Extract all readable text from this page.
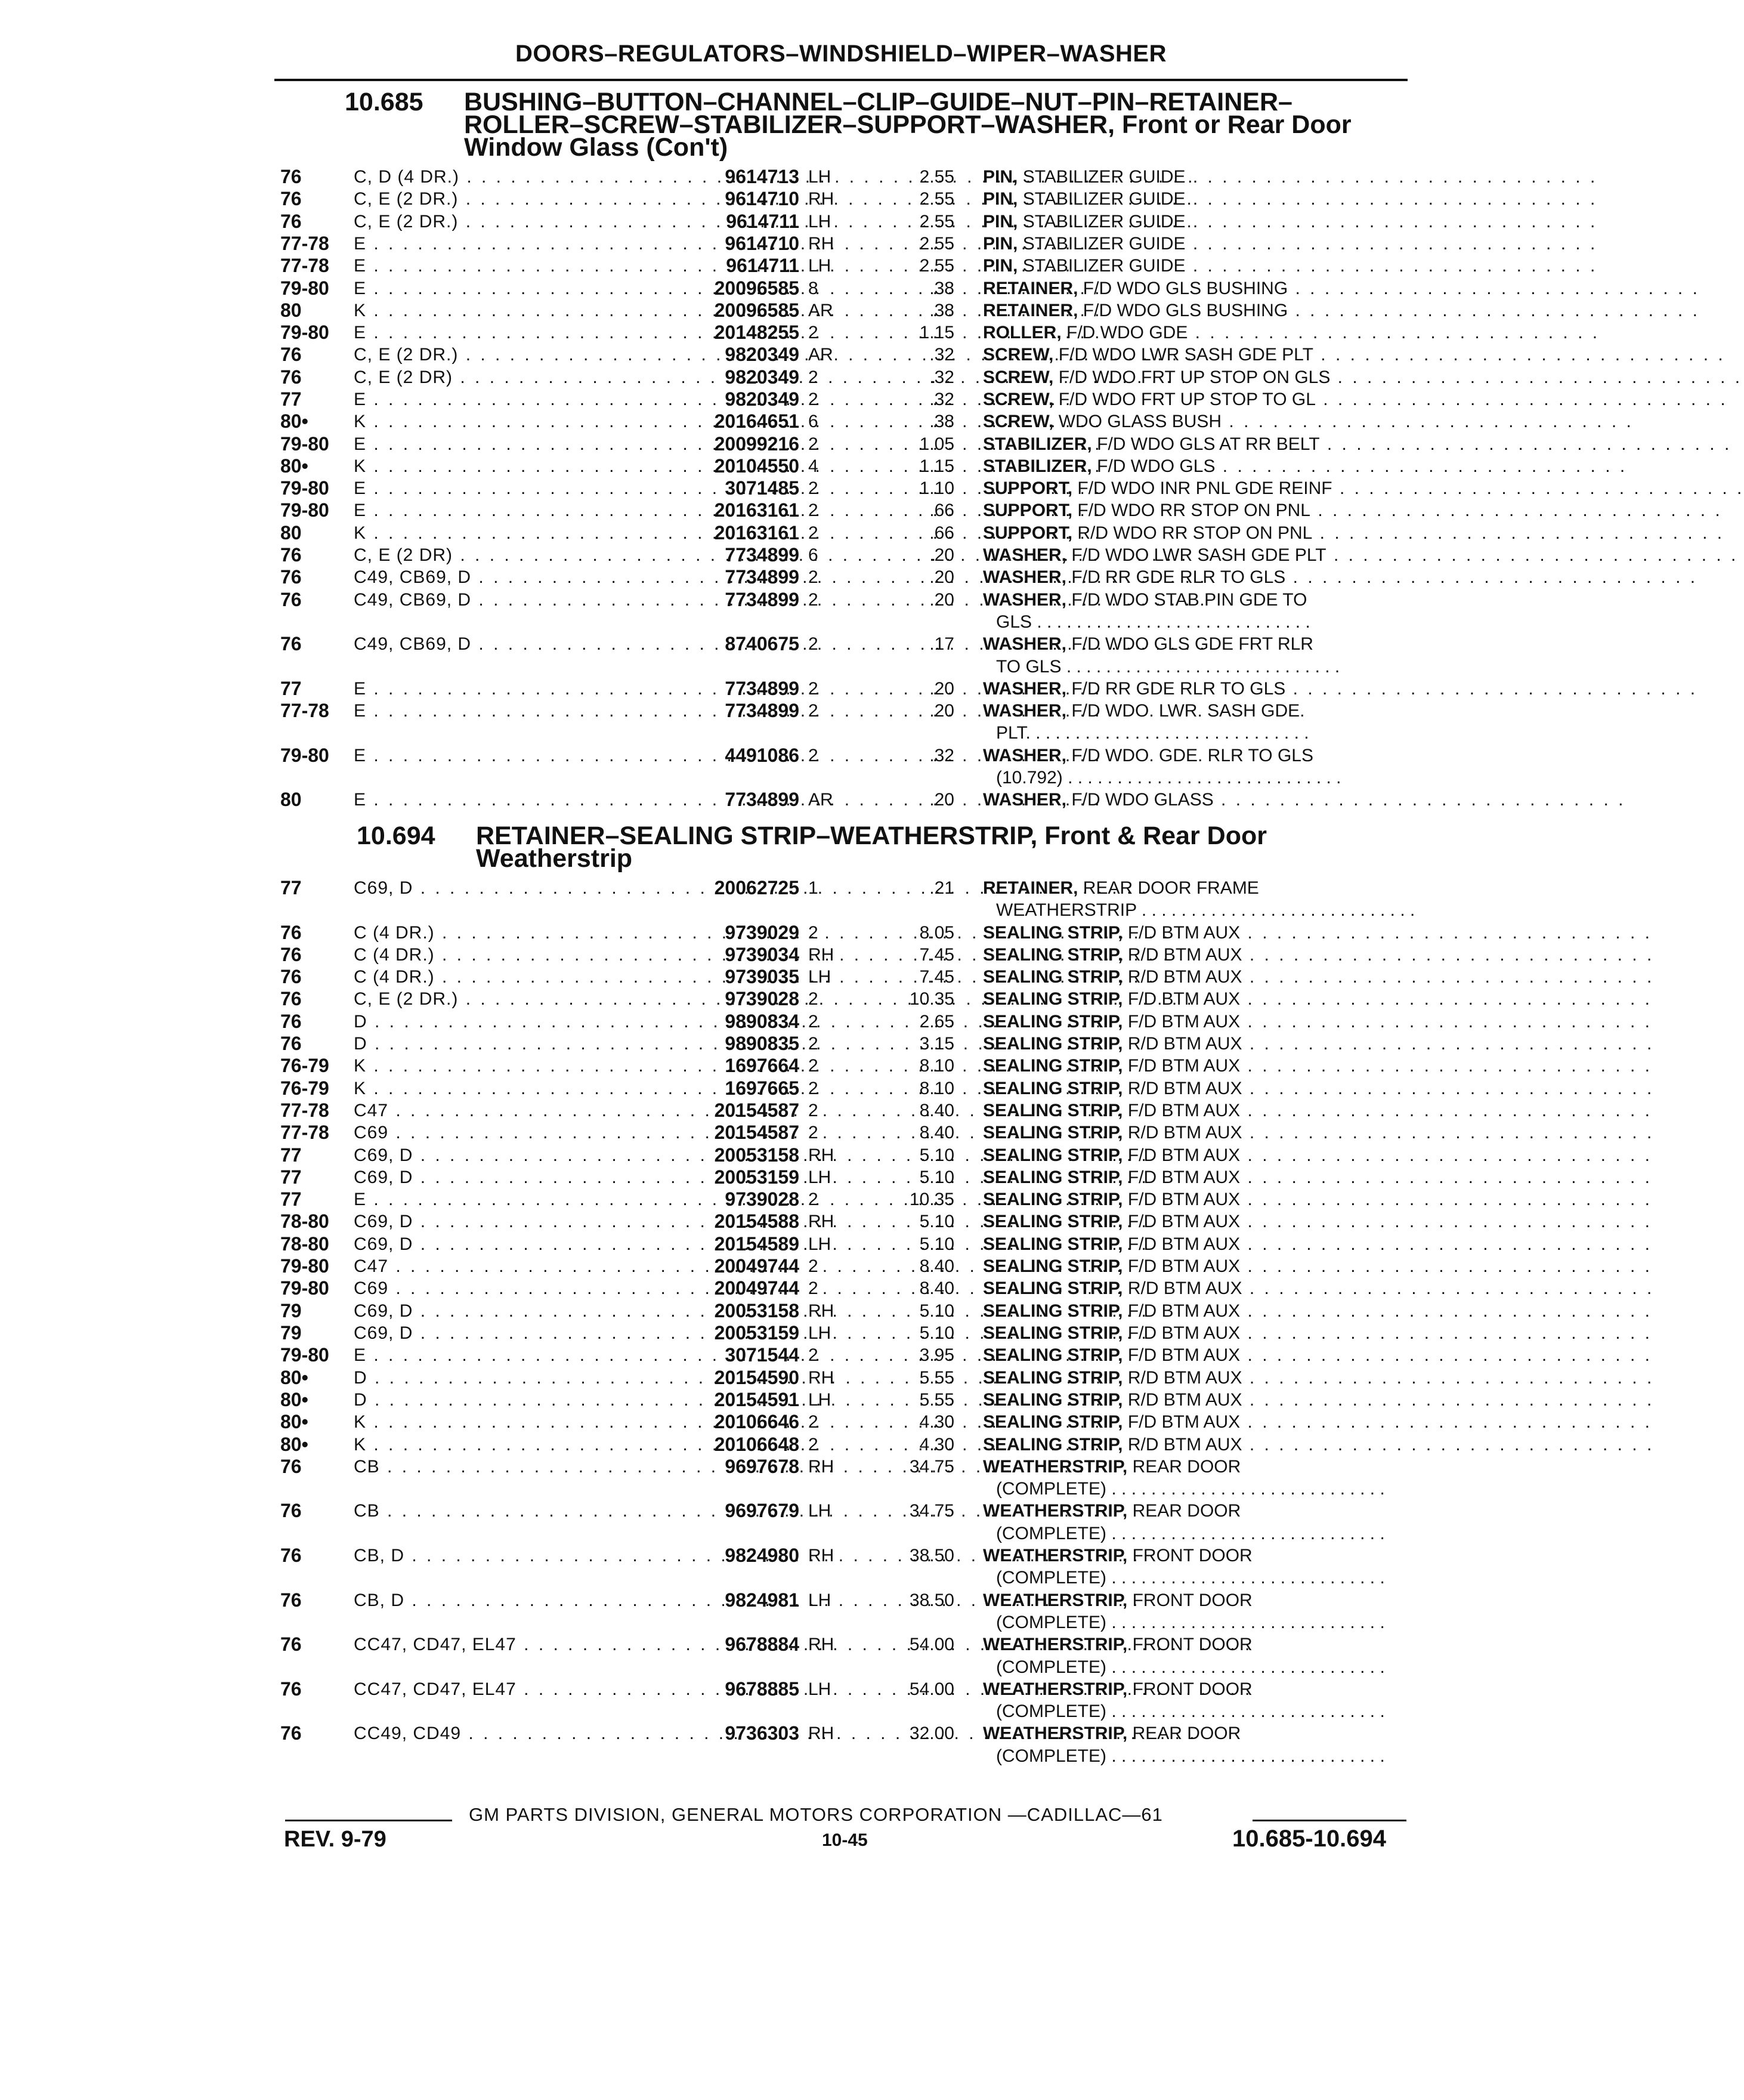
DOORS–REGULATORS–WINDSHIELD–WIPER–WASHER
10.685 BUSHING–BUTTON–CHANNEL–CLIP–GUIDE–NUT–PIN–RETAINER–
ROLLER–SCREW–STABILIZER–SUPPORT–WASHER, Front or Rear Door
Window Glass (Con't)
76	C, D (4 DR.) . . .	9614713 LH	2.55 PIN, STABILIZER GUIDE . . . . . . . . . . . . . . . . . . . . . . . . . . . .
76	C, E (2 DR.) . . .	9614710 RH	2.55 PIN, STABILIZER GUIDE . . . . . . . . . . . . . . . . . . . . . . . . . . . .
76	C, E (2 DR.) . . .	9614711 LH	2.55 PIN, STABILIZER GUIDE . . . . . . . . . . . . . . . . . . . . . . . . . . . .
77-78 E . . .	9614710 RH	2.55 PIN, STABILIZER GUIDE . . . . . . . . . . . . . . . . . . . . . . . . . . . .
77-78 E . . .	9614711 LH	2.55 PIN, STABILIZER GUIDE . . . . . . . . . . . . . . . . . . . . . . . . . . . .
79-80 E . . .	20096585 8	.38 RETAINER, F/D WDO GLS BUSHING . . . . . . . . . . . . . . . . . . . . . . . . . . . .
80	K . . .	20096585 AR	.38 RETAINER, F/D WDO GLS BUSHING . . . . . . . . . . . . . . . . . . . . . . . . . . . .
79-80 E . . .	20148255 2	1.15 ROLLER, F/D WDO GDE . . . . . . . . . . . . . . . . . . . . . . . . . . . .
76	C, E (2 DR.) . . .	9820349 AR	.32 SCREW, F/D WDO LWR SASH GDE PLT . . . . . . . . . . . . . . . . . . . . . . . . . . . .
76	C, E (2 DR) . . .	9820349 2	.32 SCREW, F/D WDO FRT UP STOP ON GLS . . . . . . . . . . . . . . . . . . . . . . . . . . . .
77	E . . .	9820349 2	.32 SCREW, F/D WDO FRT UP STOP TO GL . . . . . . . . . . . . . . . . . . . . . . . . . . . .
80•	K . . .	20164651 6	.38 SCREW, WDO GLASS BUSH . . . . . . . . . . . . . . . . . . . . . . . . . . . .
79-80 E . . .	20099216 2	1.05 STABILIZER, F/D WDO GLS AT RR BELT . . . . . . . . . . . . . . . . . . . . . . . . . . . .
80•	K . . .	20104550 4	1.15 STABILIZER, F/D WDO GLS . . . . . . . . . . . . . . . . . . . . . . . . . . . .
79-80 E . . .	3071485 2	1.10 SUPPORT, F/D WDO INR PNL GDE REINF . . . . . . . . . . . . . . . . . . . . . . . . . . . .
79-80 E . . .	20163161 2	.66 SUPPORT, F/D WDO RR STOP ON PNL . . . . . . . . . . . . . . . . . . . . . . . . . . . .
80	K . . .	20163161 2	.66 SUPPORT, R/D WDO RR STOP ON PNL . . . . . . . . . . . . . . . . . . . . . . . . . . . .
76	C, E (2 DR) . . .	7734899 6	.20 WASHER, F/D WDO LWR SASH GDE PLT . . . . . . . . . . . . . . . . . . . . . . . . . . . .
76	C49, CB69, D . . .	7734899 2	.20 WASHER, F/D RR GDE RLR TO GLS . . . . . . . . . . . . . . . . . . . . . . . . . . . .
76	C49, CB69, D . . .	7734899 2	.20 WASHER, F/D WDO STAB PIN GDE TO
GLS . . . . . . . . . . . . . . . . . . . . . . . . . . . .
76	C49, CB69, D . . .	8740675 2	.17 WASHER, F/D WDO GLS GDE FRT RLR
TO GLS . . . . . . . . . . . . . . . . . . . . . . . . . . . .
77	E . . .	7734899 2	.20 WASHER, F/D RR GDE RLR TO GLS . . . . . . . . . . . . . . . . . . . . . . . . . . . .
77-78 E . . .	7734899 2	.20 WASHER, F/D WDO. LWR. SASH GDE.
PLT. . . . . . . . . . . . . . . . . . . . . . . . . . . . .
79-80 E . . .	4491086 2	.32 WASHER, F/D WDO. GDE. RLR TO GLS
(10.792) . . . . . . . . . . . . . . . . . . . . . . . . . . . .
80	E . . .	7734899 AR	.20 WASHER, F/D WDO GLASS . . . . . . . . . . . . . . . . . . . . . . . . . . . .
10.694 RETAINER–SEALING STRIP–WEATHERSTRIP, Front & Rear Door
Weatherstrip
77	C69, D . . .	20062725 1	.21 RETAINER, REAR DOOR FRAME
WEATHERSTRIP . . . . . . . . . . . . . . . . . . . . . . . . . . . .
76	C (4 DR.) . . .	9739029 2	8.05 SEALING STRIP, F/D BTM AUX . . . . . . . . . . . . . . . . . . . . . . . . . . . .
76	C (4 DR.) . . .	9739034 RH	7.45 SEALING STRIP, R/D BTM AUX . . . . . . . . . . . . . . . . . . . . . . . . . . . .
76	C (4 DR.) . . .	9739035 LH	7.45 SEALING STRIP, R/D BTM AUX . . . . . . . . . . . . . . . . . . . . . . . . . . . .
76	C, E (2 DR.) . . .	9739028 2	10.35 SEALING STRIP, F/D BTM AUX . . . . . . . . . . . . . . . . . . . . . . . . . . . .
76	D . . .	9890834 2	2.65 SEALING STRIP, F/D BTM AUX . . . . . . . . . . . . . . . . . . . . . . . . . . . .
76	D . . .	9890835 2	3.15 SEALING STRIP, R/D BTM AUX . . . . . . . . . . . . . . . . . . . . . . . . . . . .
76-79 K . . .	1697664 2	8.10 SEALING STRIP, F/D BTM AUX . . . . . . . . . . . . . . . . . . . . . . . . . . . .
76-79 K . . .	1697665 2	8.10 SEALING STRIP, R/D BTM AUX . . . . . . . . . . . . . . . . . . . . . . . . . . . .
77-78 C47 . . .	20154587 2	8.40 SEALING STRIP, F/D BTM AUX . . . . . . . . . . . . . . . . . . . . . . . . . . . .
77-78 C69 . . .	20154587 2	8.40 SEALING STRIP, R/D BTM AUX . . . . . . . . . . . . . . . . . . . . . . . . . . . .
77	C69, D . . .	20053158 RH	5.10 SEALING STRIP, F/D BTM AUX . . . . . . . . . . . . . . . . . . . . . . . . . . . .
77	C69, D . . .	20053159 LH	5.10 SEALING STRIP, F/D BTM AUX . . . . . . . . . . . . . . . . . . . . . . . . . . . .
77	E . . .	9739028 2	10.35 SEALING STRIP, F/D BTM AUX . . . . . . . . . . . . . . . . . . . . . . . . . . . .
78-80 C69, D . . .	20154588 RH	5.10 SEALING STRIP, F/D BTM AUX . . . . . . . . . . . . . . . . . . . . . . . . . . . .
78-80 C69, D . . .	20154589 LH	5.10 SEALING STRIP, F/D BTM AUX . . . . . . . . . . . . . . . . . . . . . . . . . . . .
79-80 C47 . . .	20049744 2	8.40 SEALING STRIP, F/D BTM AUX . . . . . . . . . . . . . . . . . . . . . . . . . . . .
79-80 C69 . . .	20049744 2	8.40 SEALING STRIP, R/D BTM AUX . . . . . . . . . . . . . . . . . . . . . . . . . . . .
79	C69, D . . .	20053158 RH	5.10 SEALING STRIP, F/D BTM AUX . . . . . . . . . . . . . . . . . . . . . . . . . . . .
79	C69, D . . .	20053159 LH	5.10 SEALING STRIP, F/D BTM AUX . . . . . . . . . . . . . . . . . . . . . . . . . . . .
79-80 E . . .	3071544 2	3.95 SEALING STRIP, F/D BTM AUX . . . . . . . . . . . . . . . . . . . . . . . . . . . .
80•	D . . .	20154590 RH	5.55 SEALING STRIP, R/D BTM AUX . . . . . . . . . . . . . . . . . . . . . . . . . . . .
80•	D . . .	20154591 LH	5.55 SEALING STRIP, R/D BTM AUX . . . . . . . . . . . . . . . . . . . . . . . . . . . .
80•	K . . .	20106646 2	4.30 SEALING STRIP, F/D BTM AUX . . . . . . . . . . . . . . . . . . . . . . . . . . . .
80•	K . . .	20106648 2	4.30 SEALING STRIP, R/D BTM AUX . . . . . . . . . . . . . . . . . . . . . . . . . . . .
76	CB . . .	9697678 RH	34.75 WEATHERSTRIP, REAR DOOR
(COMPLETE) . . . . . . . . . . . . . . . . . . . . . . . . . . . .
76	CB . . .	9697679 LH	34.75 WEATHERSTRIP, REAR DOOR
(COMPLETE) . . . . . . . . . . . . . . . . . . . . . . . . . . . .
76	CB, D . . .	9824980 RH	38.50 WEATHERSTRIP, FRONT DOOR
(COMPLETE) . . . . . . . . . . . . . . . . . . . . . . . . . . . .
76	CB, D . . .	9824981 LH	38.50 WEATHERSTRIP, FRONT DOOR
(COMPLETE) . . . . . . . . . . . . . . . . . . . . . . . . . . . .
76	CC47, CD47, EL47 . . .	9678884 RH	54.00 WEATHERSTRIP, FRONT DOOR
(COMPLETE) . . . . . . . . . . . . . . . . . . . . . . . . . . . .
76	CC47, CD47, EL47 . . .	9678885 LH	54.00 WEATHERSTRIP, FRONT DOOR
(COMPLETE) . . . . . . . . . . . . . . . . . . . . . . . . . . . .
76	CC49, CD49 . . .	9736303 RH	32.00 WEATHERSTRIP, REAR DOOR
(COMPLETE) . . . . . . . . . . . . . . . . . . . . . . . . . . . .
GM PARTS DIVISION, GENERAL MOTORS CORPORATION —CADILLAC—61
REV. 9-79	10-45	10.685-10.694
